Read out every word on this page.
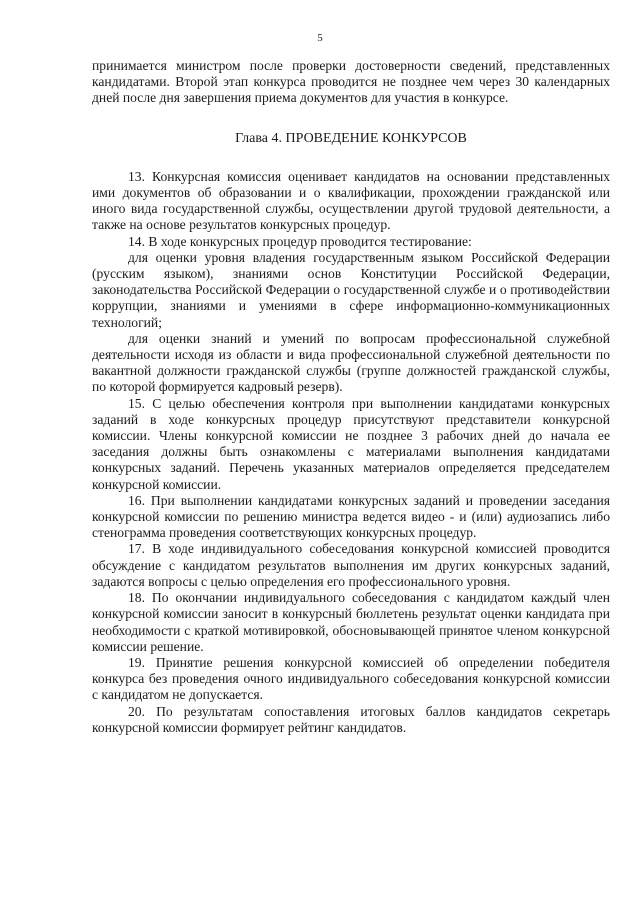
5

принимается министром после проверки достоверности сведений, представленных кандидатами. Второй этап конкурса проводится не позднее чем через 30 календарных дней после дня завершения приема документов для участия в конкурсе.

Глава 4. ПРОВЕДЕНИЕ КОНКУРСОВ

13. Конкурсная комиссия оценивает кандидатов на основании представленных ими документов об образовании и о квалификации, прохождении гражданской или иного вида государственной службы, осуществлении другой трудовой деятельности, а также на основе результатов конкурсных процедур.

14. В ходе конкурсных процедур проводится тестирование:

для оценки уровня владения государственным языком Российской Федерации (русским языком), знаниями основ Конституции Российской Федерации, законодательства Российской Федерации о государственной службе и о противодействии коррупции, знаниями и умениями в сфере информационно-коммуникационных технологий;

для оценки знаний и умений по вопросам профессиональной служебной деятельности исходя из области и вида профессиональной служебной деятельности по вакантной должности гражданской службы (группе должностей гражданской службы, по которой формируется кадровый резерв).

15. С целью обеспечения контроля при выполнении кандидатами конкурсных заданий в ходе конкурсных процедур присутствуют представители конкурсной комиссии. Члены конкурсной комиссии не позднее 3 рабочих дней до начала ее заседания должны быть ознакомлены с материалами выполнения кандидатами конкурсных заданий. Перечень указанных материалов определяется председателем конкурсной комиссии.

16. При выполнении кандидатами конкурсных заданий и проведении заседания конкурсной комиссии по решению министра ведется видео - и (или) аудиозапись либо стенограмма проведения соответствующих конкурсных процедур.

17. В ходе индивидуального собеседования конкурсной комиссией проводится обсуждение с кандидатом результатов выполнения им других конкурсных заданий, задаются вопросы с целью определения его профессионального уровня.

18. По окончании индивидуального собеседования с кандидатом каждый член конкурсной комиссии заносит в конкурсный бюллетень результат оценки кандидата при необходимости с краткой мотивировкой, обосновывающей принятое членом конкурсной комиссии решение.

19. Принятие решения конкурсной комиссией об определении победителя конкурса без проведения очного индивидуального собеседования конкурсной комиссии с кандидатом не допускается.

20. По результатам сопоставления итоговых баллов кандидатов секретарь конкурсной комиссии формирует рейтинг кандидатов.
